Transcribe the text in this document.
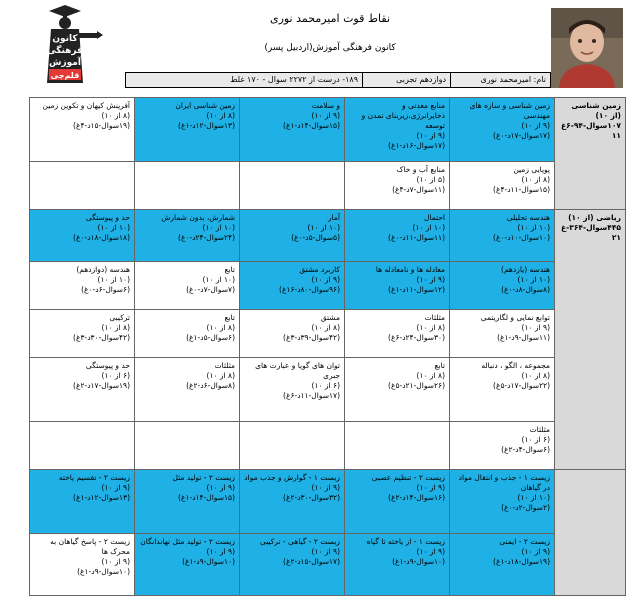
کانون
فرهنگی
آموزش
قلم‌چی
نقاط قوت امیرمحمد نوری
کانون فرهنگی آموزش(اردبیل پسر)
نام: امیرمحمد نوری
دوازدهم تجربی
۱۸۹- درست از ۲۲۷۲ سوال - ۱۷۰ غلط
زمین شناسی (از ۱۰) ۱۰۷سوال-۹۴-۶غ ۱۱	زمین شناسی و سازه های مهندسی
(۹ از ۱۰)
(۱۷سوال-۱۷د-۰غ)	منابع معدنی و ذخایرانرژی،زیربنای تمدن و توسعه
(۹ از ۱۰)
(۱۷سوال-۱۶د-۱غ)	و سلامت
(۹ از ۱۰)
(۱۵سوال-۱۴د-۱غ)	زمین شناسی ایران
(۸ از ۱۰)
(۱۳سوال-۱۲د-۱غ)	آفرینش کیهان و تکوین زمین
(۸ از ۱۰)
(۱۹سوال-۱۵د-۴غ)

	پویایی زمین
(۸ از ۱۰)
(۱۵سوال-۱۱د-۴غ)	منابع آب و خاک
(۵ از ۱۰)
(۱۱سوال-۷د-۴غ)			

ریاضی (از ۱۰) ۴۴۵سوال-۳۶۴-غ ۲۱	هندسه تحلیلی
(۱۰ از ۱۰)
(۱۰سوال-۱۰د-۰غ)	احتمال
(۱۰ از ۱۰)
(۱۱سوال-۱۱د-۰غ)	آمار
(۱۰ از ۱۰)
(۵سوال-۵د-۰غ)	شمارش، بدون شمارش
(۱۰ از ۱۰)
(۲۴سوال-۲۴د-۰غ)	حد و پیوستگی
(۱۰ از ۱۰)
(۱۸سوال-۱۸د-۰غ)

	هندسه (یازدهم)
(۱۰ از ۱۰)
(۸سوال-۸د-۰غ)	معادله ها و نامعادله ها
(۹ از ۱۰)
(۱۲سوال-۱۱د-۱غ)	کاربرد مشتق
(۹ از ۱۰)
(۹۶سوال-۸۰د-۱۶غ)	تابع
(۱۰ از ۱۰)
(۷سوال-۷د-۰غ)	هندسه (دوازدهم)
(۱۰ از ۱۰)
(۶سوال-۶د-۰غ)

	توابع نمایی و لگاریتمی
(۹ از ۱۰)
(۱۱سوال-۹د-۱غ)	مثلثات
(۸ از ۱۰)
(۳۰سوال-۲۴د-۶غ)	مشتق
(۸ از ۱۰)
(۴۲سوال-۳۹د-۳غ)	تابع
(۸ از ۱۰)
(۶سوال-۵د-۱غ)	ترکیبی
(۸ از ۱۰)
(۴۲سوال-۳۰د-۳غ)

	مجموعه ، الگو ، دنباله
(۸ از ۱۰)
(۲۲سوال-۱۷د-۵غ)	تابع
(۸ از ۱۰)
(۲۶سوال-۲۱د-۵غ)	توان های گویا و عبارت های جبری
(۶ از ۱۰)
(۱۷سوال-۱۱د-۶غ)	مثلثات
(۸ از ۱۰)
(۸سوال-۶د-۲غ)	حد و پیوستگی
(۶ از ۱۰)
(۱۹سوال-۱۷د-۲غ)

	مثلثات
(۶ از ۱۰)
(۶سوال-۴د-۲غ)				

	زیست ۱ - جذب و انتقال مواد در گیاهان
(۱۰ از ۱۰)
(۲سوال-۲د-۰غ)	زیست ۲ - تنظیم عصبی
(۹ از ۱۰)
(۱۶سوال-۱۴د-۲غ)	زیست ۱ - گوارش و جذب مواد
(۹ از ۱۰)
(۳۲سوال-۳۰د-۲غ)	زیست ۲ - تولید مثل
(۹ از ۱۰)
(۱۵سوال-۱۴د-۱غ)	زیست ۲ - تقسیم یاخته
(۹ از ۱۰)
(۱۳سوال-۱۲د-۱غ)

	زیست ۲ - ایمنی
(۹ از ۱۰)
(۱۹سوال-۱۸د-۱غ)	زیست ۱ - از یاخته تا گیاه
(۹ از ۱۰)
(۱۰سوال-۹د-۱غ)	زیست ۲ - گیاهی - ترکیبی
(۹ از ۱۰)
(۱۷سوال-۱۵د-۲غ)	زیست ۲ - تولید مثل نهاندانگان
(۹ از ۱۰)
(۱۰سوال-۹د-۱غ)	زیست ۲ - پاسخ گیاهان به محرک ها
(۹ از ۱۰)
(۱۰سوال-۹د-۱غ)
